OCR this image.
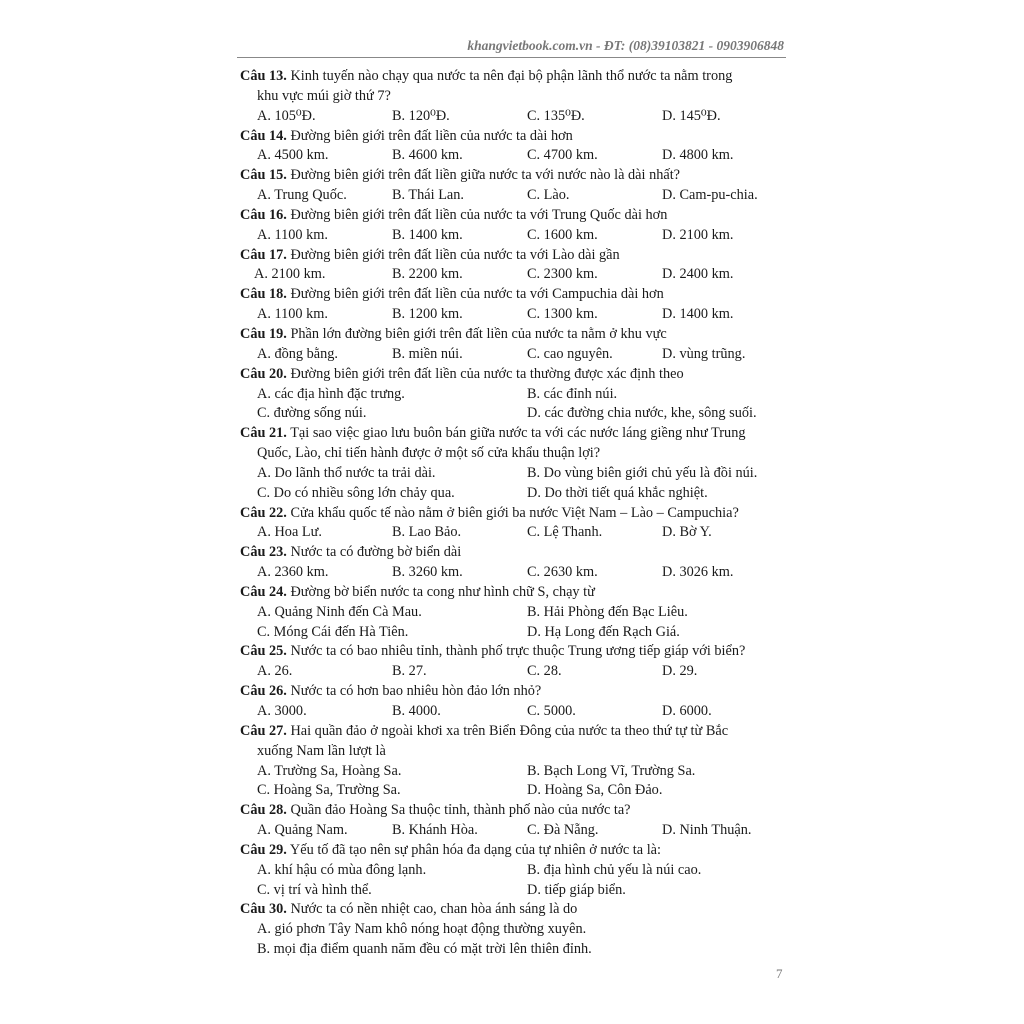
khangvietbook.com.vn - ĐT: (08)39103821 - 0903906848
Câu 13. Kinh tuyến nào chạy qua nước ta nên đại bộ phận lãnh thổ nước ta nằm trong
khu vực múi giờ thứ 7?
A. 105⁰Đ.	B. 120⁰Đ.	C. 135⁰Đ.	D. 145⁰Đ.
Câu 14. Đường biên giới trên đất liền của nước ta dài hơn
A. 4500 km.	B. 4600 km.	C. 4700 km.	D. 4800 km.
Câu 15. Đường biên giới trên đất liền giữa nước ta với nước nào là dài nhất?
A. Trung Quốc.	B. Thái Lan.	C. Lào.	D. Cam-pu-chia.
Câu 16. Đường biên giới trên đất liền của nước ta với Trung Quốc dài hơn
A. 1100 km.	B. 1400 km.	C. 1600 km.	D. 2100 km.
Câu 17. Đường biên giới trên đất liền của nước ta với Lào dài gần
A. 2100 km.	B. 2200 km.	C. 2300 km.	D. 2400 km.
Câu 18. Đường biên giới trên đất liền của nước ta với Campuchia dài hơn
A. 1100 km.	B. 1200 km.	C. 1300 km.	D. 1400 km.
Câu 19. Phần lớn đường biên giới trên đất liền của nước ta nằm ở khu vực
A. đồng bằng.	B. miền núi.	C. cao nguyên.	D. vùng trũng.
Câu 20. Đường biên giới trên đất liền của nước ta thường được xác định theo
A. các địa hình đặc trưng.	B. các đỉnh núi.
C. đường sống núi.	D. các đường chia nước, khe, sông suối.
Câu 21. Tại sao việc giao lưu buôn bán giữa nước ta với các nước láng giềng như Trung
Quốc, Lào, chỉ tiến hành được ở một số cửa khẩu thuận lợi?
A. Do lãnh thổ nước ta trải dài.	B. Do vùng biên giới chủ yếu là đồi núi.
C. Do có nhiều sông lớn chảy qua.	D. Do thời tiết quá khắc nghiệt.
Câu 22. Cửa khẩu quốc tế nào nằm ở biên giới ba nước Việt Nam – Lào – Campuchia?
A. Hoa Lư.	B. Lao Bảo.	C. Lệ Thanh.	D. Bờ Y.
Câu 23. Nước ta có đường bờ biển dài
A. 2360 km.	B. 3260 km.	C. 2630 km.	D. 3026 km.
Câu 24. Đường bờ biển nước ta cong như hình chữ S, chạy từ
A. Quảng Ninh đến Cà Mau.	B. Hải Phòng đến Bạc Liêu.
C. Móng Cái đến Hà Tiên.	D. Hạ Long đến Rạch Giá.
Câu 25. Nước ta có bao nhiêu tỉnh, thành phố trực thuộc Trung ương tiếp giáp với biển?
A. 26.	B. 27.	C. 28.	D. 29.
Câu 26. Nước ta có hơn bao nhiêu hòn đảo lớn nhỏ?
A. 3000.	B. 4000.	C. 5000.	D. 6000.
Câu 27. Hai quần đảo ở ngoài khơi xa trên Biển Đông của nước ta theo thứ tự từ Bắc
xuống Nam lần lượt là
A. Trường Sa, Hoàng Sa.	B. Bạch Long Vĩ, Trường Sa.
C. Hoàng Sa, Trường Sa.	D. Hoàng Sa, Côn Đảo.
Câu 28. Quần đảo Hoàng Sa thuộc tỉnh, thành phố nào của nước ta?
A. Quảng Nam.	B. Khánh Hòa.	C. Đà Nẵng.	D. Ninh Thuận.
Câu 29. Yếu tố đã tạo nên sự phân hóa đa dạng của tự nhiên ở nước ta là:
A. khí hậu có mùa đông lạnh.	B. địa hình chủ yếu là núi cao.
C. vị trí và hình thể.	D. tiếp giáp biển.
Câu 30. Nước ta có nền nhiệt cao, chan hòa ánh sáng là do
A. gió phơn Tây Nam khô nóng hoạt động thường xuyên.
B. mọi địa điểm quanh năm đều có mặt trời lên thiên đỉnh.
7
